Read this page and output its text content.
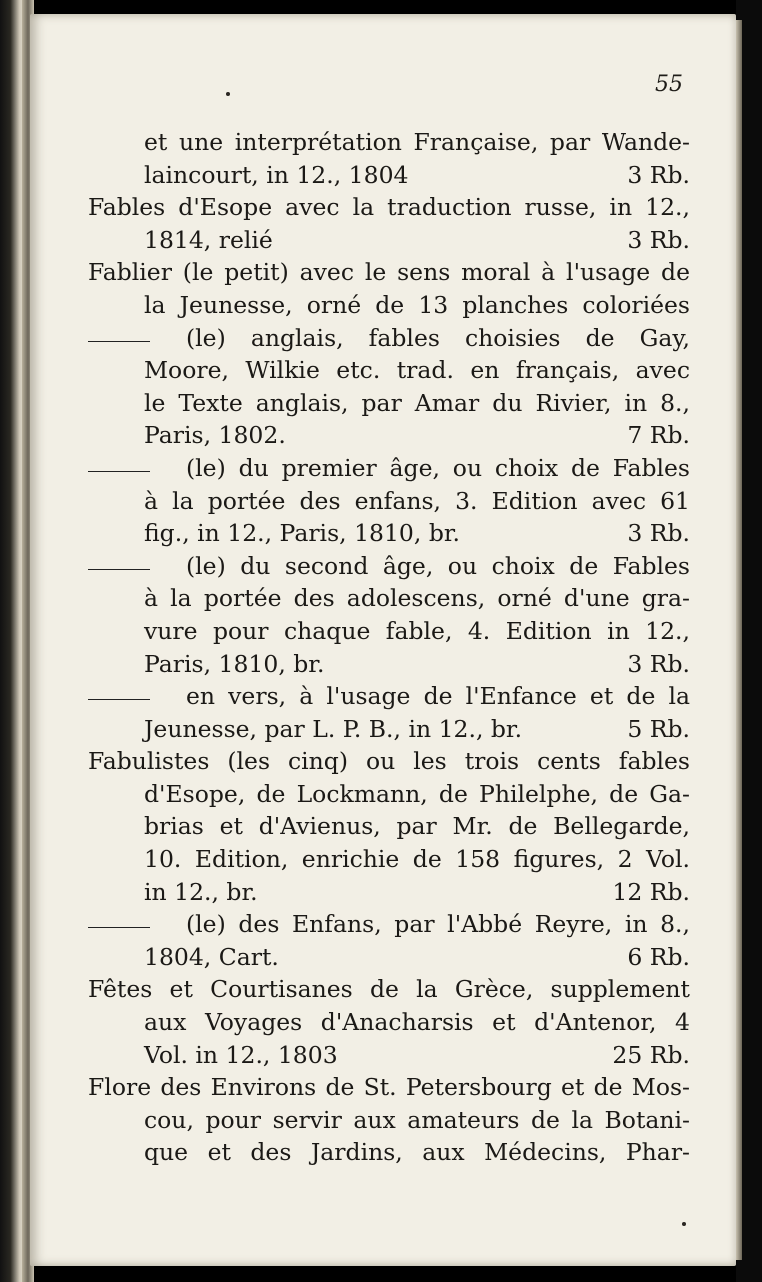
55
et une interprétation Française, par Wande-
laincourt, in 12., 1804	3 Rb.
Fables d'Esope avec la traduction russe, in 12.,
1814, relié	3 Rb.
Fablier (le petit) avec le sens moral à l'usage de
la Jeunesse, orné de 13 planches coloriées
(le) anglais, fables choisies de Gay,
Moore, Wilkie etc. trad. en français, avec
le Texte anglais, par Amar du Rivier, in 8.,
Paris, 1802.	7 Rb.
(le) du premier âge, ou choix de Fables
à la portée des enfans, 3. Edition avec 61
fig., in 12., Paris, 1810, br.	3 Rb.
(le) du second âge, ou choix de Fables
à la portée des adolescens, orné d'une gra-
vure pour chaque fable, 4. Edition in 12.,
Paris, 1810, br.	3 Rb.
en vers, à l'usage de l'Enfance et de la
Jeunesse, par L. P. B., in 12., br.	5 Rb.
Fabulistes (les cinq) ou les trois cents fables
d'Esope, de Lockmann, de Philelphe, de Ga-
brias et d'Avienus, par Mr. de Bellegarde,
10. Edition, enrichie de 158 figures, 2 Vol.
in 12., br.	12 Rb.
(le) des Enfans, par l'Abbé Reyre, in 8.,
1804, Cart.	6 Rb.
Fêtes et Courtisanes de la Grèce, supplement
aux Voyages d'Anacharsis et d'Antenor, 4
Vol. in 12., 1803	25 Rb.
Flore des Environs de St. Petersbourg et de Mos-
cou, pour servir aux amateurs de la Botani-
que et des Jardins, aux Médecins, Phar-
